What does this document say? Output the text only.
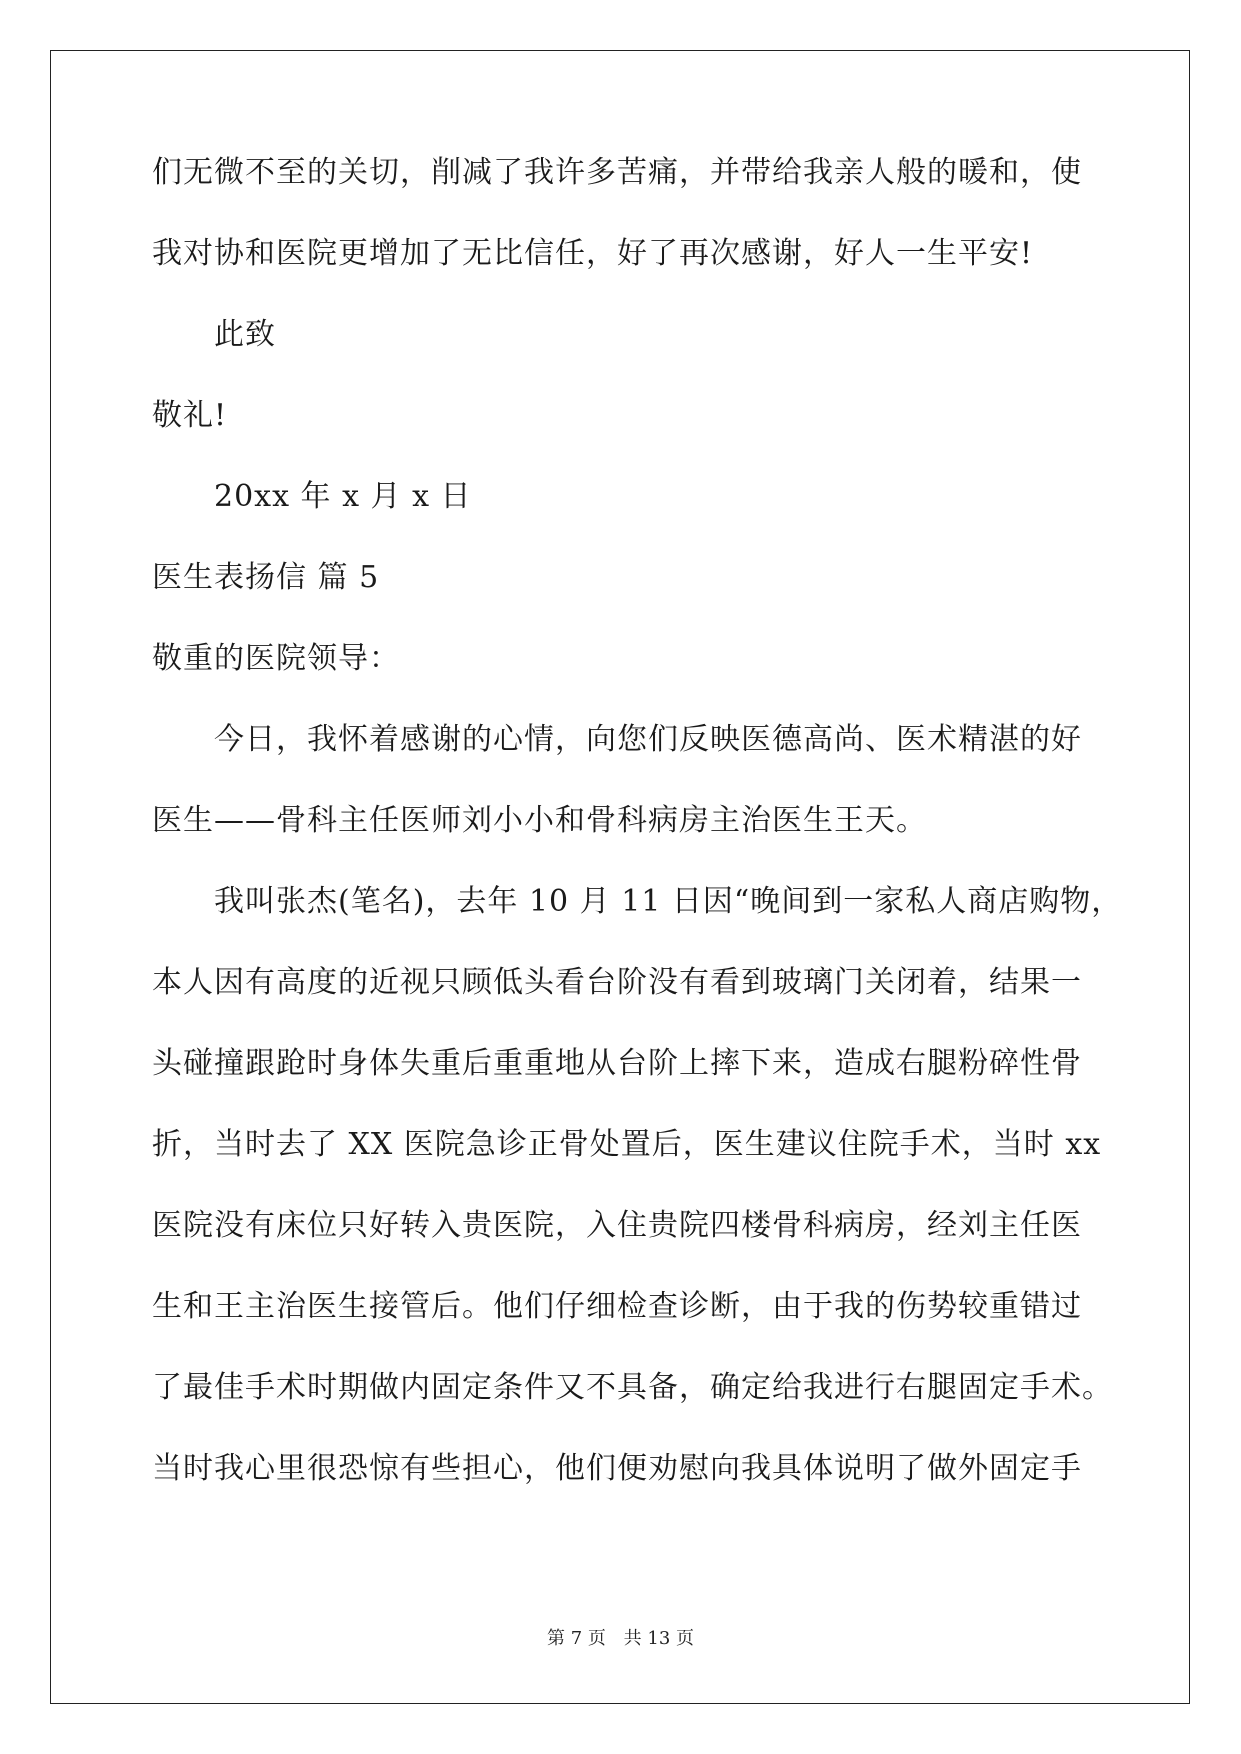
们无微不至的关切，削减了我许多苦痛，并带给我亲人般的暖和，使
我对协和医院更增加了无比信任，好了再次感谢，好人一生平安!
此致
敬礼!
20xx 年 x 月 x 日
医生表扬信 篇 5
敬重的医院领导：
今日，我怀着感谢的心情，向您们反映医德高尚、医术精湛的好
医生——骨科主任医师刘小小和骨科病房主治医生王天。
我叫张杰(笔名)，去年 10 月 11 日因“晚间到一家私人商店购物，
本人因有高度的近视只顾低头看台阶没有看到玻璃门关闭着，结果一
头碰撞跟跄时身体失重后重重地从台阶上摔下来，造成右腿粉碎性骨
折，当时去了 XX 医院急诊正骨处置后，医生建议住院手术，当时 xx
医院没有床位只好转入贵医院，入住贵院四楼骨科病房，经刘主任医
生和王主治医生接管后。他们仔细检查诊断，由于我的伤势较重错过
了最佳手术时期做内固定条件又不具备，确定给我进行右腿固定手术。
当时我心里很恐惊有些担心，他们便劝慰向我具体说明了做外固定手
第 7 页 共 13 页
